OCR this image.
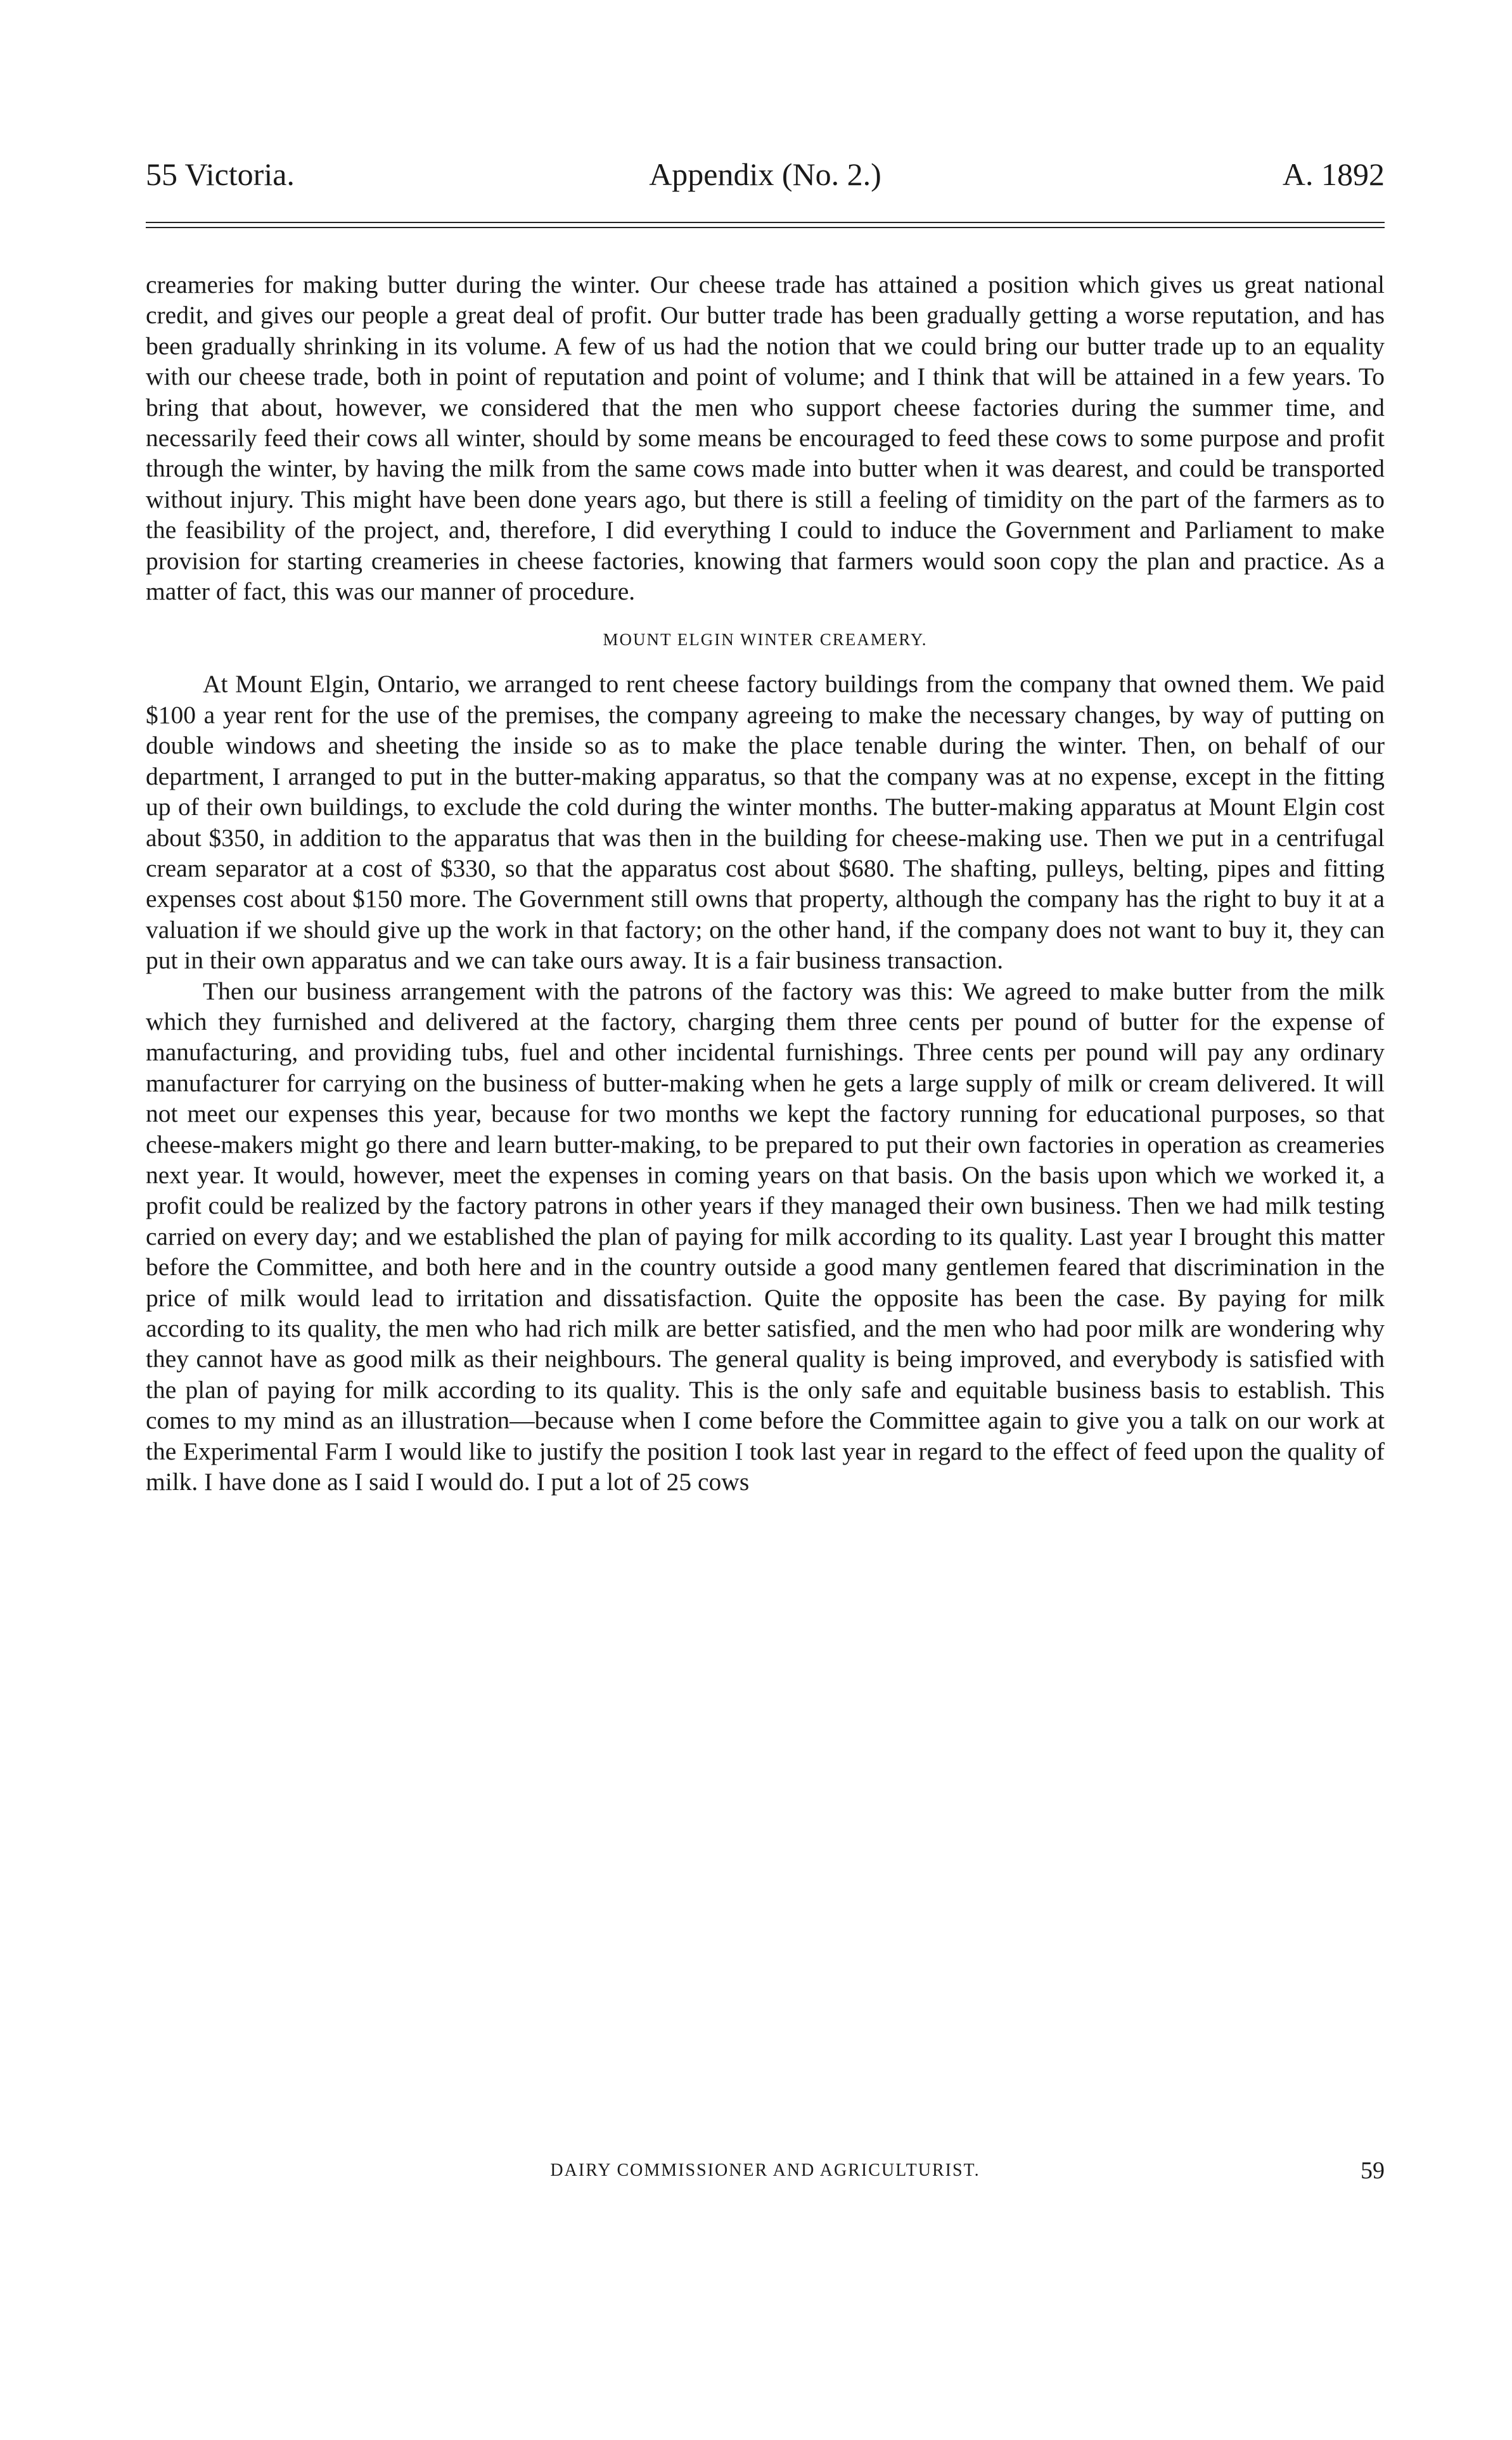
55 Victoria.	Appendix (No. 2.)	A. 1892

creameries for making butter during the winter. Our cheese trade has attained a position which gives us great national credit, and gives our people a great deal of profit. Our butter trade has been gradually getting a worse reputation, and has been gradually shrinking in its volume. A few of us had the notion that we could bring our butter trade up to an equality with our cheese trade, both in point of reputation and point of volume; and I think that will be attained in a few years. To bring that about, however, we considered that the men who support cheese factories during the summer time, and necessarily feed their cows all winter, should by some means be encouraged to feed these cows to some purpose and profit through the winter, by having the milk from the same cows made into butter when it was dearest, and could be transported without injury. This might have been done years ago, but there is still a feeling of timidity on the part of the farmers as to the feasibility of the project, and, therefore, I did everything I could to induce the Government and Parliament to make provision for starting creameries in cheese factories, knowing that farmers would soon copy the plan and practice. As a matter of fact, this was our manner of procedure.

MOUNT ELGIN WINTER CREAMERY.

At Mount Elgin, Ontario, we arranged to rent cheese factory buildings from the company that owned them. We paid $100 a year rent for the use of the premises, the company agreeing to make the necessary changes, by way of putting on double windows and sheeting the inside so as to make the place tenable during the winter. Then, on behalf of our department, I arranged to put in the butter-making apparatus, so that the company was at no expense, except in the fitting up of their own buildings, to exclude the cold during the winter months. The butter-making apparatus at Mount Elgin cost about $350, in addition to the apparatus that was then in the building for cheese-making use. Then we put in a centrifugal cream separator at a cost of $330, so that the apparatus cost about $680. The shafting, pulleys, belting, pipes and fitting expenses cost about $150 more. The Government still owns that property, although the company has the right to buy it at a valuation if we should give up the work in that factory; on the other hand, if the company does not want to buy it, they can put in their own apparatus and we can take ours away. It is a fair business transaction.

Then our business arrangement with the patrons of the factory was this: We agreed to make butter from the milk which they furnished and delivered at the factory, charging them three cents per pound of butter for the expense of manufacturing, and providing tubs, fuel and other incidental furnishings. Three cents per pound will pay any ordinary manufacturer for carrying on the business of butter-making when he gets a large supply of milk or cream delivered. It will not meet our expenses this year, because for two months we kept the factory running for educational purposes, so that cheese-makers might go there and learn butter-making, to be prepared to put their own factories in operation as creameries next year. It would, however, meet the expenses in coming years on that basis. On the basis upon which we worked it, a profit could be realized by the factory patrons in other years if they managed their own business. Then we had milk testing carried on every day; and we established the plan of paying for milk according to its quality. Last year I brought this matter before the Committee, and both here and in the country outside a good many gentlemen feared that discrimination in the price of milk would lead to irritation and dissatisfaction. Quite the opposite has been the case. By paying for milk according to its quality, the men who had rich milk are better satisfied, and the men who had poor milk are wondering why they cannot have as good milk as their neighbours. The general quality is being improved, and everybody is satisfied with the plan of paying for milk according to its quality. This is the only safe and equitable business basis to establish. This comes to my mind as an illustration—because when I come before the Committee again to give you a talk on our work at the Experimental Farm I would like to justify the position I took last year in regard to the effect of feed upon the quality of milk. I have done as I said I would do. I put a lot of 25 cows

DAIRY COMMISSIONER AND AGRICULTURIST.	59
